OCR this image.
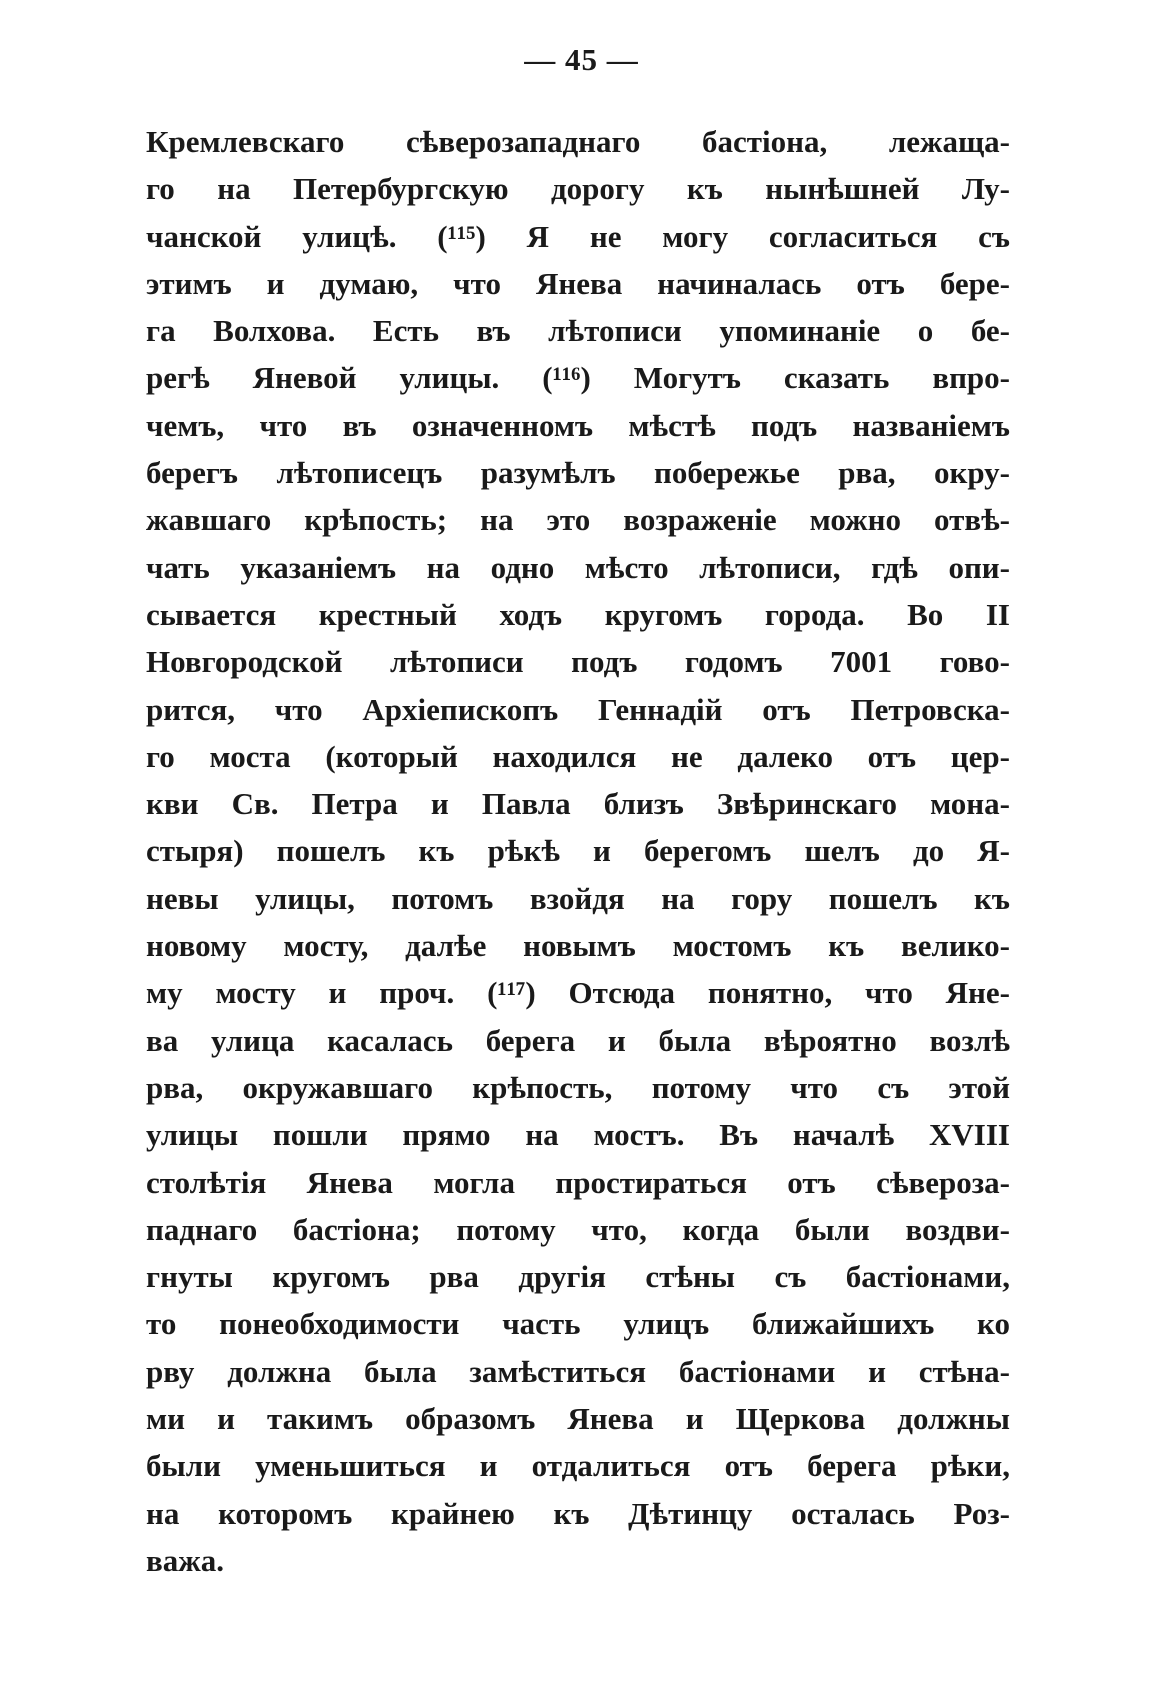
— 45 —
Кремлевскаго сѣверозападнаго бастіона, лежаща-
го на Петербургскую дорогу къ нынѣшней Лу-
чанской улицѣ. (¹¹⁵) Я не могу согласиться съ
этимъ и думаю, что Янева начиналась отъ бере-
га Волхова. Есть въ лѣтописи упоминаніе о бе-
регѣ Яневой улицы. (¹¹⁶) Могутъ сказать впро-
чемъ, что въ означенномъ мѣстѣ подъ названіемъ
берегъ лѣтописецъ разумѣлъ побережье рва, окру-
жавшаго крѣпость; на это возраженіе можно отвѣ-
чать указаніемъ на одно мѣсто лѣтописи, гдѣ опи-
сывается крестный ходъ кругомъ города. Во II
Новгородской лѣтописи подъ годомъ 7001 гово-
рится, что Архіепископъ Геннадій отъ Петровска-
го моста (который находился не далеко отъ цер-
кви Св. Петра и Павла близъ Звѣринскаго мона-
стыря) пошелъ къ рѣкѣ и берегомъ шелъ до Я-
невы улицы, потомъ взойдя на гору пошелъ къ
новому мосту, далѣе новымъ мостомъ къ велико-
му мосту и проч. (¹¹⁷) Отсюда понятно, что Яне-
ва улица касалась берега и была вѣроятно возлѣ
рва, окружавшаго крѣпость, потому что съ этой
улицы пошли прямо на мостъ. Въ началѣ XVIII
столѣтія Янева могла простираться отъ сѣвероза-
паднаго бастіона; потому что, когда были воздви-
гнуты кругомъ рва другія стѣны съ бастіонами,
то понеобходимости часть улицъ ближайшихъ ко
рву должна была замѣститься бастіонами и стѣна-
ми и такимъ образомъ Янева и Щеркова должны
были уменьшиться и отдалиться отъ берега рѣки,
на которомъ крайнею къ Дѣтинцу осталась Роз-
важа.
